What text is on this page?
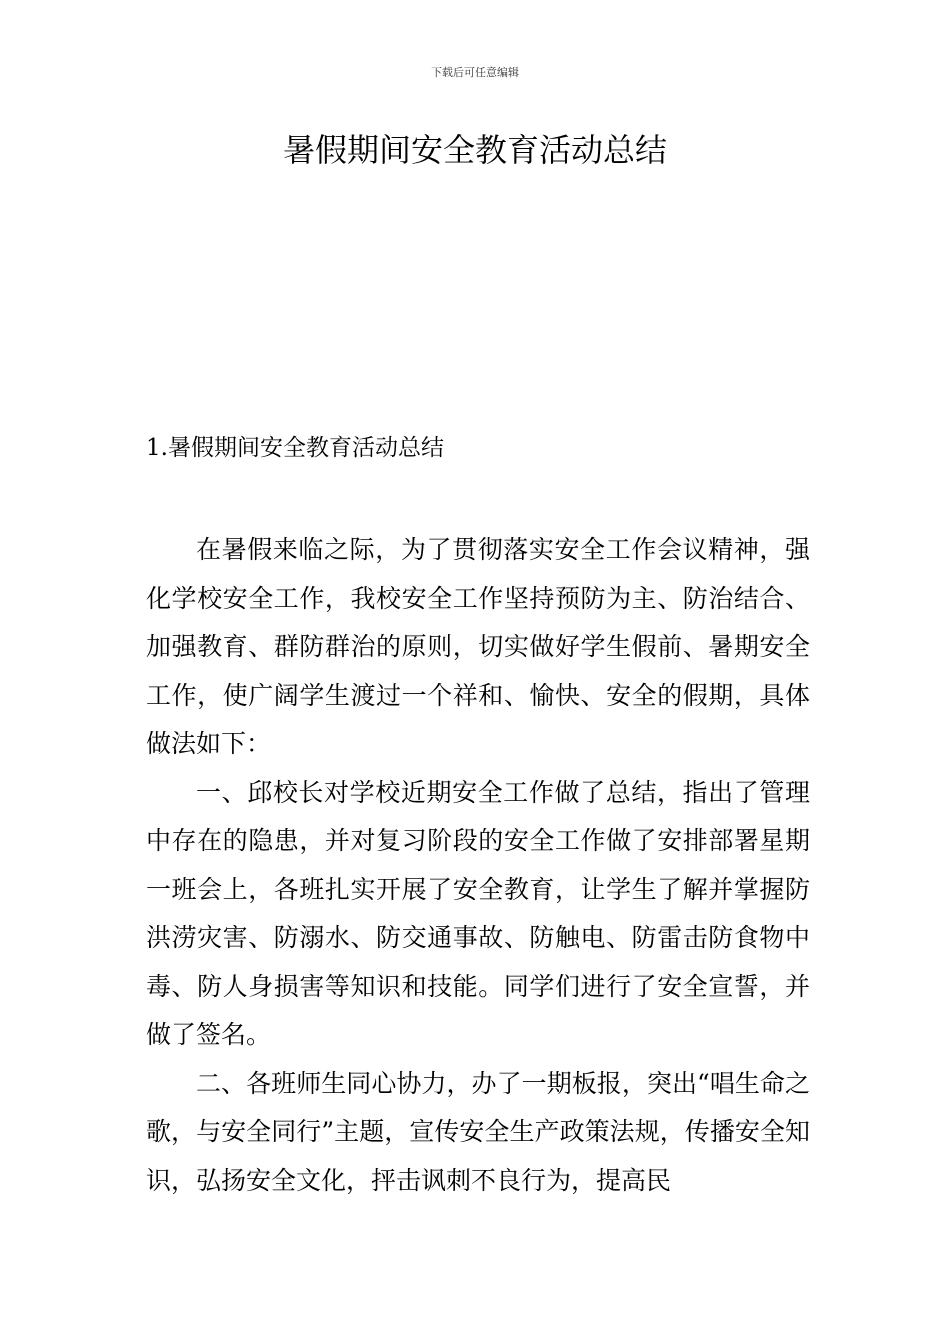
下载后可任意编辑
暑假期间安全教育活动总结
1.暑假期间安全教育活动总结

在暑假来临之际，为了贯彻落实安全工作会议精神，强化学校安全工作，我校安全工作坚持预防为主、防治结合、加强教育、群防群治的原则，切实做好学生假前、暑期安全工作，使广阔学生渡过一个祥和、愉快、安全的假期，具体做法如下：

一、邱校长对学校近期安全工作做了总结，指出了管理中存在的隐患，并对复习阶段的安全工作做了安排部署星期一班会上，各班扎实开展了安全教育，让学生了解并掌握防洪涝灾害、防溺水、防交通事故、防触电、防雷击防食物中毒、防人身损害等知识和技能。同学们进行了安全宣誓，并做了签名。

二、各班师生同心协力，办了一期板报，突出“唱生命之歌，与安全同行”主题，宣传安全生产政策法规，传播安全知识，弘扬安全文化，抨击讽刺不良行为，提高民
